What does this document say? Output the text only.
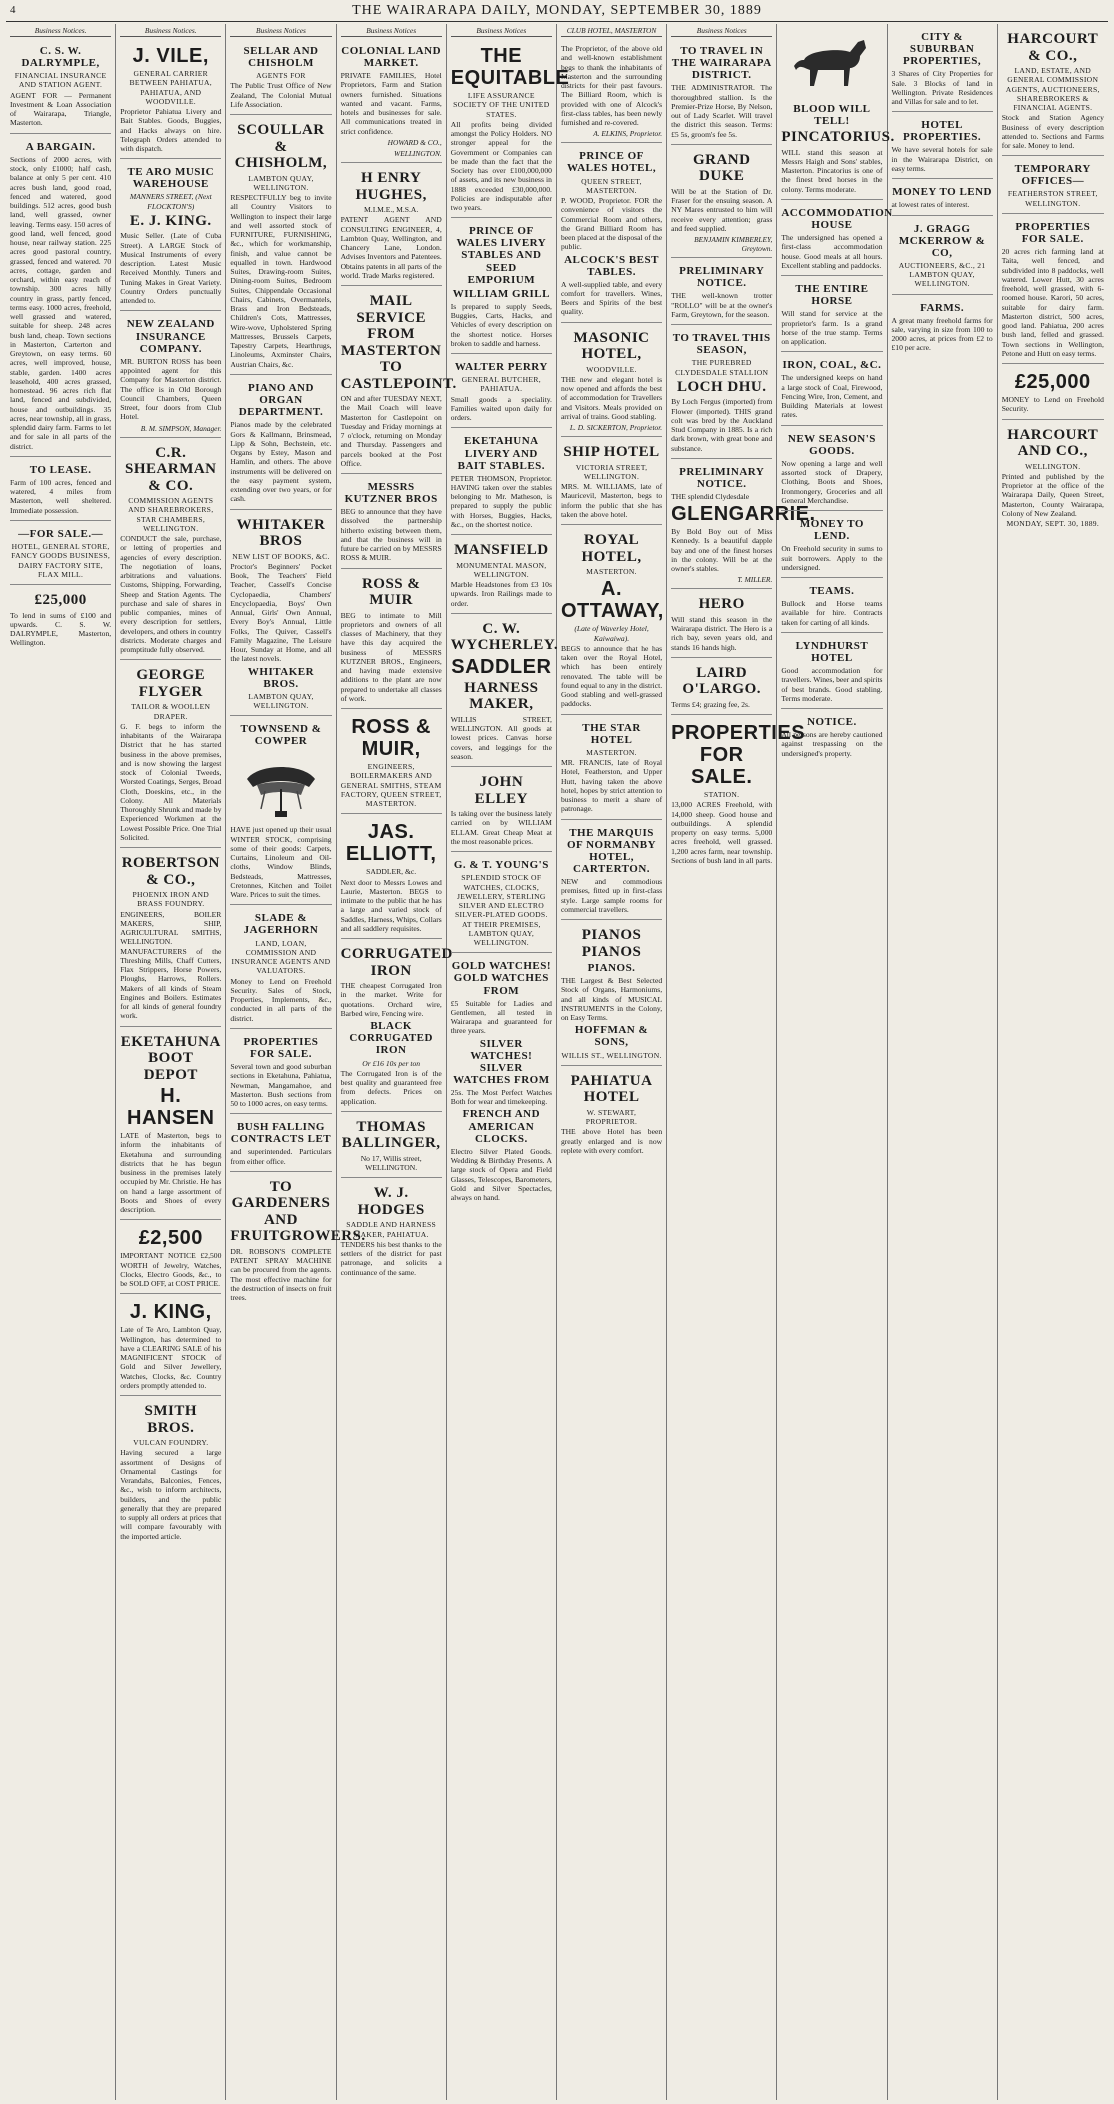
4	THE WAIRARAPA DAILY, MONDAY, SEPTEMBER 30, 1889
Business Notices.
C. S. W. DALRYMPLE,
FINANCIAL INSURANCE AND STATION AGENT.
AGENT FOR — Permanent Investment & Loan Association of Wairarapa, Triangle, Masterton.
A BARGAIN.
Sections of 2000 acres, with stock, only £1000; half cash, balance at only 5 per cent. 410 acres bush land, good road, fenced and watered, good buildings. 512 acres, good bush land, well grassed, owner leaving. Terms easy. 150 acres of good land, well fenced, good house, near railway station. 225 acres good pastoral country, grassed, fenced and watered. 70 acres, cottage, garden and orchard, within easy reach of township. 300 acres hilly country in grass, partly fenced, terms easy. 1000 acres, freehold, well grassed and watered, suitable for sheep. 248 acres bush land, cheap. Town sections in Masterton, Carterton and Greytown, on easy terms. 60 acres, well improved, house, stable, garden. 1400 acres leasehold, 400 acres grassed, homestead. 96 acres rich flat land, fenced and subdivided, house and outbuildings. 35 acres, near township, all in grass, splendid dairy farm. Farms to let and for sale in all parts of the district.
TO LEASE.
Farm of 100 acres, fenced and watered, 4 miles from Masterton, well sheltered. Immediate possession.
—FOR SALE.—
HOTEL, GENERAL STORE, FANCY GOODS BUSINESS, DAIRY FACTORY SITE, FLAX MILL.
£25,000
To lend in sums of £100 and upwards. C. S. W. DALRYMPLE, Masterton, Wellington.
Business Notices.
J. VILE,
GENERAL CARRIER BETWEEN PAHIATUA, PAHIATUA, AND WOODVILLE.
Proprietor Pahiatua Livery and Bait Stables. Goods, Buggies, and Hacks always on hire. Telegraph Orders attended to with dispatch.
TE ARO MUSIC WAREHOUSE
MANNERS STREET, (Next FLOCKTON'S)
E. J. KING.
Music Seller. (Late of Cuba Street). A LARGE Stock of Musical Instruments of every description. Latest Music Received Monthly. Tuners and Tuning Makes in Great Variety. Country Orders punctually attended to.
NEW ZEALAND INSURANCE COMPANY.
MR. BURTON ROSS has been appointed agent for this Company for Masterton district. The office is in Old Borough Council Chambers, Queen Street, four doors from Club Hotel.
B. M. SIMPSON, Manager.
C.R. SHEARMAN & CO.
COMMISSION AGENTS AND SHAREBROKERS, STAR CHAMBERS, WELLINGTON.
CONDUCT the sale, purchase, or letting of properties and agencies of every description. The negotiation of loans, arbitrations and valuations. Customs, Shipping, Forwarding, Sheep and Station Agents. The purchase and sale of shares in public companies, mines of every description for settlers, developers, and others in country districts. Moderate charges and promptitude fully observed.
GEORGE FLYGER
TAILOR & WOOLLEN DRAPER.
G. F. begs to inform the inhabitants of the Wairarapa District that he has started business in the above premises, and is now showing the largest stock of Colonial Tweeds, Worsted Coatings, Serges, Broad Cloth, Doeskins, etc., in the Colony. All Materials Thoroughly Shrunk and made by Experienced Workmen at the Lowest Possible Price. One Trial Solicited.
ROBERTSON & CO.,
PHOENIX IRON AND BRASS FOUNDRY.
ENGINEERS, BOILER MAKERS, SHIP, AGRICULTURAL SMITHS, WELLINGTON. MANUFACTURERS of the Threshing Mills, Chaff Cutters, Flax Strippers, Horse Powers, Ploughs, Harrows, Rollers. Makers of all kinds of Steam Engines and Boilers. Estimates for all kinds of general foundry work.
EKETAHUNA BOOT DEPOT
H. HANSEN
LATE of Masterton, begs to inform the inhabitants of Eketahuna and surrounding districts that he has begun business in the premises lately occupied by Mr. Christie. He has on hand a large assortment of Boots and Shoes of every description.
£2,500
IMPORTANT NOTICE £2,500 WORTH of Jewelry, Watches, Clocks, Electro Goods, &c., to be SOLD OFF, at COST PRICE.
J. KING,
Late of Te Aro, Lambton Quay, Wellington, has determined to have a CLEARING SALE of his MAGNIFICENT STOCK of Gold and Silver Jewellery, Watches, Clocks, &c. Country orders promptly attended to.
SMITH BROS.
VULCAN FOUNDRY.
Having secured a large assortment of Designs of Ornamental Castings for Verandahs, Balconies, Fences, &c., wish to inform architects, builders, and the public generally that they are prepared to supply all orders at prices that will compare favourably with the imported article.
Business Notices
SELLAR AND CHISHOLM
AGENTS FOR
The Public Trust Office of New Zealand, The Colonial Mutual Life Association.
SCOULLAR & CHISHOLM,
LAMBTON QUAY, WELLINGTON.
RESPECTFULLY beg to invite all Country Visitors to Wellington to inspect their large and well assorted stock of FURNITURE, FURNISHING, &c., which for workmanship, finish, and value cannot be equalled in town. Hardwood Suites, Drawing-room Suites, Dining-room Suites, Bedroom Suites, Chippendale Occasional Chairs, Cabinets, Overmantels, Brass and Iron Bedsteads, Children's Cots, Mattresses, Wire-wove, Upholstered Spring Mattresses, Brussels Carpets, Tapestry Carpets, Hearthrugs, Linoleums, Axminster Chairs, Austrian Chairs, &c.
PIANO AND ORGAN DEPARTMENT.
Pianos made by the celebrated Gors & Kallmann, Brinsmead, Lipp & Sohn, Bechstein, etc. Organs by Estey, Mason and Hamlin, and others. The above instruments will be delivered on the easy payment system, extending over two years, or for cash.
WHITAKER BROS
NEW LIST OF BOOKS, &C.
Proctor's Beginners' Pocket Book, The Teachers' Field Teacher, Cassell's Concise Cyclopaedia, Chambers' Encyclopaedia, Boys' Own Annual, Girls' Own Annual, Every Boy's Annual, Little Folks, The Quiver, Cassell's Family Magazine, The Leisure Hour, Sunday at Home, and all the latest novels.
WHITAKER BROS.
LAMBTON QUAY, WELLINGTON.
TOWNSEND & COWPER
HAVE just opened up their usual WINTER STOCK, comprising some of their goods: Carpets, Curtains, Linoleum and Oil-cloths, Window Blinds, Bedsteads, Mattresses, Cretonnes, Kitchen and Toilet Ware. Prices to suit the times.
SLADE & JAGERHORN
LAND, LOAN, COMMISSION AND INSURANCE AGENTS AND VALUATORS.
Money to Lend on Freehold Security. Sales of Stock, Properties, Implements, &c., conducted in all parts of the district.
PROPERTIES FOR SALE.
Several town and good suburban sections in Eketahuna, Pahiatua, Newman, Mangamahoe, and Masterton. Bush sections from 50 to 1000 acres, on easy terms.
BUSH FALLING CONTRACTS LET
and superintended. Particulars from either office.
TO GARDENERS AND FRUITGROWERS.
DR. ROBSON'S COMPLETE PATENT SPRAY MACHINE can be procured from the agents. The most effective machine for the destruction of insects on fruit trees.
Business Notices
COLONIAL LAND MARKET.
PRIVATE FAMILIES, Hotel Proprietors, Farm and Station owners furnished. Situations wanted and vacant. Farms, hotels and businesses for sale. All communications treated in strict confidence.
HOWARD & CO.,
WELLINGTON.
H ENRY HUGHES,
M.I.M.E., M.S.A.
PATENT AGENT AND CONSULTING ENGINEER, 4, Lambton Quay, Wellington, and Chancery Lane, London. Advises Inventors and Patentees. Obtains patents in all parts of the world. Trade Marks registered.
MAIL SERVICE FROM MASTERTON TO CASTLEPOINT.
ON and after TUESDAY NEXT, the Mail Coach will leave Masterton for Castlepoint on Tuesday and Friday mornings at 7 o'clock, returning on Monday and Thursday. Passengers and parcels booked at the Post Office.
MESSRS KUTZNER BROS
BEG to announce that they have dissolved the partnership hitherto existing between them, and that the business will in future be carried on by MESSRS ROSS & MUIR.
ROSS & MUIR
BEG to intimate to Mill proprietors and owners of all classes of Machinery, that they have this day acquired the business of MESSRS KUTZNER BROS., Engineers, and having made extensive additions to the plant are now prepared to undertake all classes of work.
ROSS & MUIR,
ENGINEERS, BOILERMAKERS AND GENERAL SMITHS, STEAM FACTORY, QUEEN STREET, MASTERTON.
JAS. ELLIOTT,
SADDLER, &c.
Next door to Messrs Lowes and Laurie, Masterton. BEGS to intimate to the public that he has a large and varied stock of Saddles, Harness, Whips, Collars and all saddlery requisites.
CORRUGATED IRON
THE cheapest Corrugated Iron in the market. Write for quotations. Orchard wire, Barbed wire, Fencing wire.
BLACK CORRUGATED IRON
Or £16 10s per ton
The Corrugated Iron is of the best quality and guaranteed free from defects. Prices on application.
THOMAS BALLINGER,
No 17, Willis street, WELLINGTON.
W. J. HODGES
SADDLE AND HARNESS MAKER, PAHIATUA.
TENDERS his best thanks to the settlers of the district for past patronage, and solicits a continuance of the same.
Business Notices
THE EQUITABLE
LIFE ASSURANCE SOCIETY OF THE UNITED STATES.
All profits being divided amongst the Policy Holders. NO stronger appeal for the Government or Companies can be made than the fact that the Society has over £100,000,000 of assets, and its new business in 1888 exceeded £30,000,000. Policies are indisputable after two years.
PRINCE OF WALES LIVERY STABLES AND SEED EMPORIUM
WILLIAM GRILL
Is prepared to supply Seeds, Buggies, Carts, Hacks, and Vehicles of every description on the shortest notice. Horses broken to saddle and harness.
WALTER PERRY
GENERAL BUTCHER, PAHIATUA.
Small goods a speciality. Families waited upon daily for orders.
EKETAHUNA LIVERY AND BAIT STABLES.
PETER THOMSON, Proprietor. HAVING taken over the stables belonging to Mr. Matheson, is prepared to supply the public with Horses, Buggies, Hacks, &c., on the shortest notice.
MANSFIELD
MONUMENTAL MASON, WELLINGTON.
Marble Headstones from £3 10s upwards. Iron Railings made to order.
C. W. WYCHERLEY.
SADDLER
HARNESS MAKER,
WILLIS STREET, WELLINGTON. All goods at lowest prices. Canvas horse covers, and leggings for the season.
JOHN ELLEY
Is taking over the business lately carried on by WILLIAM ELLAM. Great Cheap Meat at the most reasonable prices.
G. & T. YOUNG'S
SPLENDID STOCK OF WATCHES, CLOCKS, JEWELLERY, STERLING SILVER AND ELECTRO SILVER-PLATED GOODS. AT THEIR PREMISES, LAMBTON QUAY, WELLINGTON.
GOLD WATCHES! GOLD WATCHES FROM
£5 Suitable for Ladies and Gentlemen, all tested in Wairarapa and guaranteed for three years.
SILVER WATCHES! SILVER WATCHES FROM
25s. The Most Perfect Watches Both for wear and timekeeping.
FRENCH AND AMERICAN CLOCKS.
Electro Silver Plated Goods. Wedding & Birthday Presents. A large stock of Opera and Field Glasses, Telescopes, Barometers, Gold and Silver Spectacles, always on hand.
CLUB HOTEL, MASTERTON
The Proprietor, of the above old and well-known establishment begs to thank the inhabitants of Masterton and the surrounding districts for their past favours. The Billiard Room, which is provided with one of Alcock's first-class tables, has been newly furnished and re-covered.
A. ELKINS, Proprietor.
PRINCE OF WALES HOTEL,
QUEEN STREET, MASTERTON.
P. WOOD, Proprietor. FOR the convenience of visitors the Commercial Room and others, the Grand Billiard Room has been placed at the disposal of the public.
ALCOCK'S BEST TABLES.
A well-supplied table, and every comfort for travellers. Wines, Beers and Spirits of the best quality.
MASONIC HOTEL,
WOODVILLE.
THE new and elegant hotel is now opened and affords the best of accommodation for Travellers and Visitors. Meals provided on arrival of trains. Good stabling.
L. D. SICKERTON, Proprietor.
SHIP HOTEL
VICTORIA STREET, WELLINGTON.
MRS. M. WILLIAMS, late of Mauricevil, Masterton, begs to inform the public that she has taken the above hotel.
ROYAL HOTEL,
MASTERTON.
A. OTTAWAY,
(Late of Waverley Hotel, Kaiwaiwa).
BEGS to announce that he has taken over the Royal Hotel, which has been entirely renovated. The table will be found equal to any in the district. Good stabling and well-grassed paddocks.
THE STAR HOTEL
MASTERTON.
MR. FRANCIS, late of Royal Hotel, Featherston, and Upper Hutt, having taken the above hotel, hopes by strict attention to business to merit a share of patronage.
THE MARQUIS OF NORMANBY HOTEL, CARTERTON.
NEW and commodious premises, fitted up in first-class style. Large sample rooms for commercial travellers.
PIANOS PIANOS
PIANOS.
THE Largest & Best Selected Stock of Organs, Harmoniums, and all kinds of MUSICAL INSTRUMENTS in the Colony, on Easy Terms.
HOFFMAN & SONS,
WILLIS ST., WELLINGTON.
PAHIATUA HOTEL
W. STEWART, PROPRIETOR.
THE above Hotel has been greatly enlarged and is now replete with every comfort.
Business Notices
TO TRAVEL IN THE WAIRARAPA DISTRICT.
THE ADMINISTRATOR. The thoroughbred stallion. Is the Premier-Prize Horse, By Nelson, out of Lady Scarlet. Will travel the district this season. Terms: £5 5s, groom's fee 5s.
GRAND DUKE
Will be at the Station of Dr. Fraser for the ensuing season. A NY Mares entrusted to him will receive every attention; grass and feed supplied.
BENJAMIN KIMBERLEY, Greytown.
PRELIMINARY NOTICE.
THE well-known trotter "ROLLO" will be at the owner's Farm, Greytown, for the season.
TO TRAVEL THIS SEASON,
THE PUREBRED CLYDESDALE STALLION
LOCH DHU.
By Loch Fergus (imported) from Flower (imported). THIS grand colt was bred by the Auckland Stud Company in 1885. Is a rich dark brown, with great bone and substance.
PRELIMINARY NOTICE.
THE splendid Clydesdale
GLENGARRIE.
By Bold Boy out of Miss Kennedy. Is a beautiful dapple bay and one of the finest horses in the colony. Will be at the owner's stables.
T. MILLER.
HERO
Will stand this season in the Wairarapa district. The Hero is a rich bay, seven years old, and stands 16 hands high.
LAIRD O'LARGO.
Terms £4; grazing fee, 2s.
PROPERTIES FOR SALE.
STATION.
13,000 ACRES Freehold, with 14,000 sheep. Good house and outbuildings. A splendid property on easy terms. 5,000 acres freehold, well grassed. 1,200 acres farm, near township. Sections of bush land in all parts.
BLOOD WILL TELL!
PINCATORIUS.
WILL stand this season at Messrs Haigh and Sons' stables, Masterton. Pincatorius is one of the finest bred horses in the colony. Terms moderate.
ACCOMMODATION HOUSE
The undersigned has opened a first-class accommodation house. Good meals at all hours. Excellent stabling and paddocks.
THE ENTIRE HORSE
Will stand for service at the proprietor's farm. Is a grand horse of the true stamp. Terms on application.
IRON, COAL, &C.
The undersigned keeps on hand a large stock of Coal, Firewood, Fencing Wire, Iron, Cement, and Building Materials at lowest rates.
NEW SEASON'S GOODS.
Now opening a large and well assorted stock of Drapery, Clothing, Boots and Shoes, Ironmongery, Groceries and all General Merchandise.
MONEY TO LEND.
On Freehold security in sums to suit borrowers. Apply to the undersigned.
TEAMS.
Bullock and Horse teams available for hire. Contracts taken for carting of all kinds.
LYNDHURST HOTEL
Good accommodation for travellers. Wines, beer and spirits of best brands. Good stabling. Terms moderate.
NOTICE.
All persons are hereby cautioned against trespassing on the undersigned's property.
CITY & SUBURBAN PROPERTIES,
3 Shares of City Properties for Sale. 3 Blocks of land in Wellington. Private Residences and Villas for sale and to let.
HOTEL PROPERTIES.
We have several hotels for sale in the Wairarapa District, on easy terms.
MONEY TO LEND
at lowest rates of interest.
J. GRAGG MCKERROW & CO,
AUCTIONEERS, &C., 21 LAMBTON QUAY, WELLINGTON.
FARMS.
A great many freehold farms for sale, varying in size from 100 to 2000 acres, at prices from £2 to £10 per acre.
HARCOURT & CO.,
LAND, ESTATE, AND GENERAL COMMISSION AGENTS, AUCTIONEERS, SHAREBROKERS & FINANCIAL AGENTS.
Stock and Station Agency Business of every description attended to. Sections and Farms for sale. Money to lend.
TEMPORARY OFFICES—
FEATHERSTON STREET, WELLINGTON.
PROPERTIES FOR SALE.
20 acres rich farming land at Taita, well fenced, and subdivided into 8 paddocks, well watered. Lower Hutt, 30 acres freehold, well grassed, with 6-roomed house. Karori, 50 acres, suitable for dairy farm. Masterton district, 500 acres, good land. Pahiatua, 200 acres bush land, felled and grassed. Town sections in Wellington, Petone and Hutt on easy terms.
£25,000
MONEY to Lend on Freehold Security.
HARCOURT AND CO.,
WELLINGTON.
Printed and published by the Proprietor at the office of the Wairarapa Daily, Queen Street, Masterton, County Wairarapa, Colony of New Zealand.
MONDAY, SEPT. 30, 1889.
